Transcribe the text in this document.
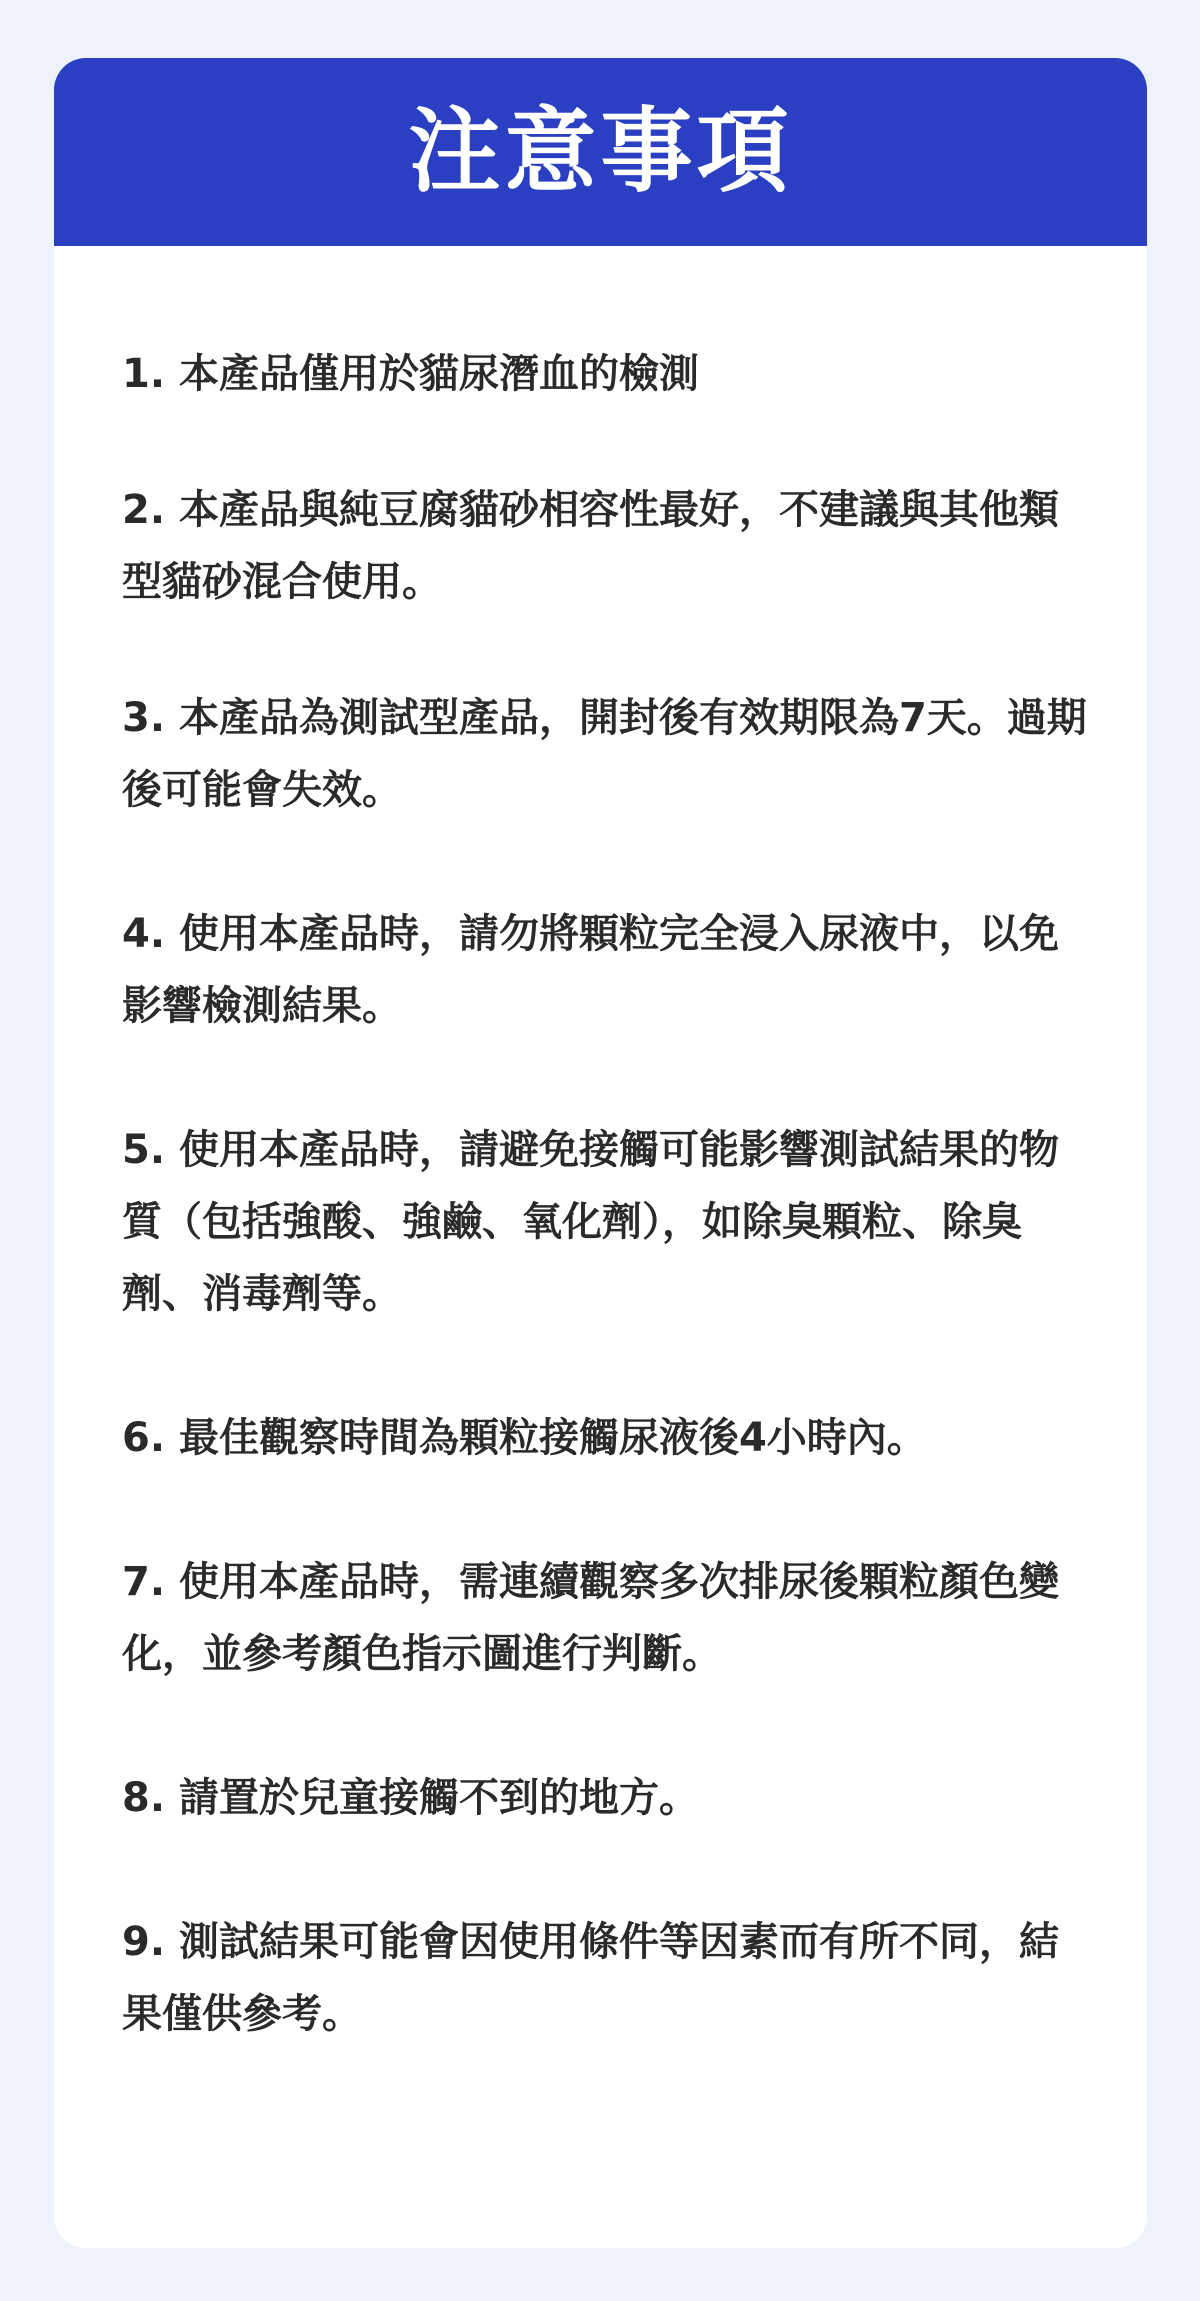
注意事項
1. 本產品僅用於貓尿潛血的檢測
2. 本產品與純豆腐貓砂相容性最好，不建議與其他類型貓砂混合使用。
3. 本產品為測試型產品，開封後有效期限為7天。過期後可能會失效。
4. 使用本產品時，請勿將顆粒完全浸入尿液中，以免影響檢測結果。
5. 使用本產品時，請避免接觸可能影響測試結果的物質（包括強酸、強鹼、氧化劑），如除臭顆粒、除臭劑、消毒劑等。
6. 最佳觀察時間為顆粒接觸尿液後4小時內。
7. 使用本產品時，需連續觀察多次排尿後顆粒顏色變化，並參考顏色指示圖進行判斷。
8. 請置於兒童接觸不到的地方。
9. 測試結果可能會因使用條件等因素而有所不同，結果僅供參考。
